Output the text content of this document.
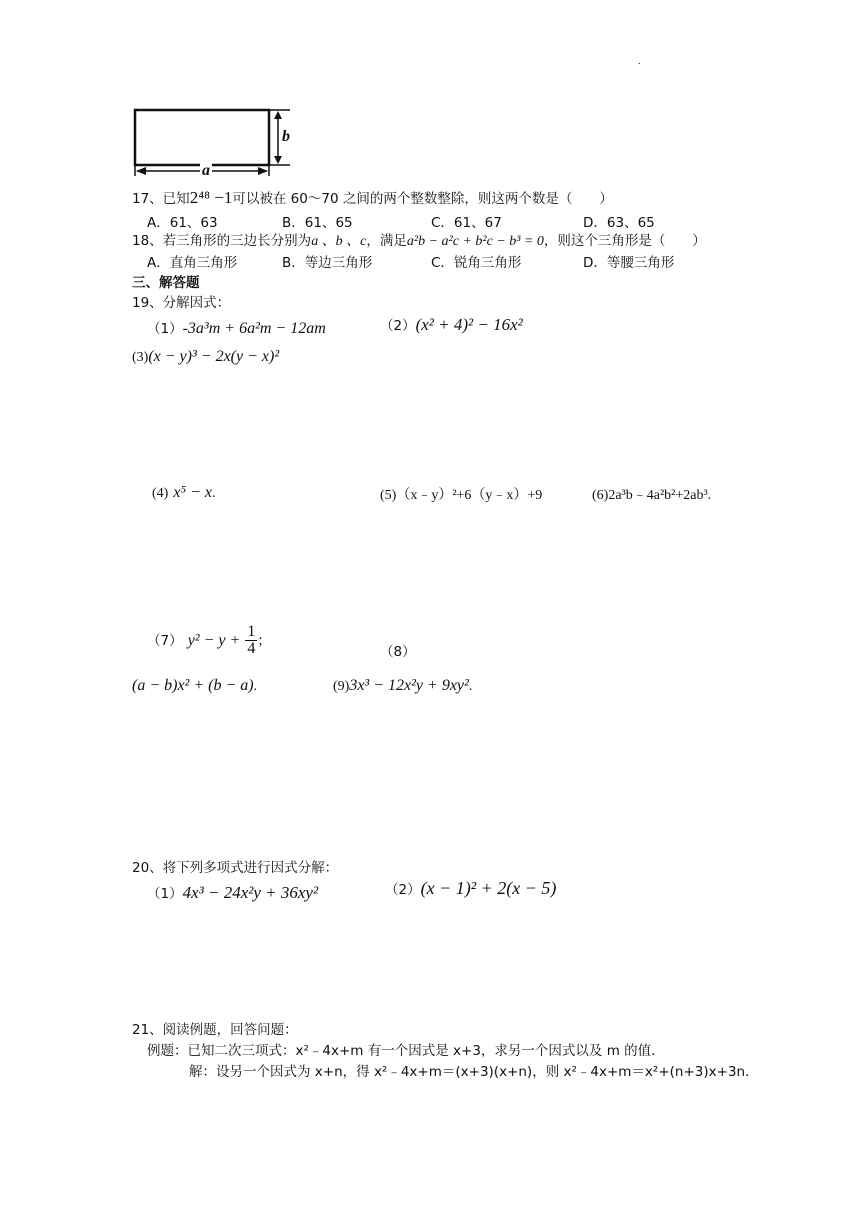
.
b
a
17、已知2⁴⁸ −1可以被在 60～70 之间的两个整数整除，则这两个数是（　　）
A．61、63	B．61、65	C．61、67	D．63、65
18、若三角形的三边长分别为a 、b 、c，满足a²b − a²c + b²c − b³ = 0，则这个三角形是（　　）
A．直角三角形	B．等边三角形	C．锐角三角形	D．等腰三角形
三、解答题
19、分解因式：
（1）-3a³m + 6a²m − 12am	（2）(x² + 4)² − 16x²
(3)(x − y)³ − 2x(y − x)²
(4) x⁵ − x.	(5)（x﹣y）²+6（y﹣x）+9	(6)2a³b﹣4a²b²+2ab³.
（7） $y^2 - y + \frac{1}{4}$ ；
（8）
(a − b)x² + (b − a).	(9)3x³ − 12x²y + 9xy².
20、将下列多项式进行因式分解：
（1）4x³ − 24x²y + 36xy²	（2）(x − 1)² + 2(x − 5)
21、阅读例题，回答问题：
例题：已知二次三项式：x²﹣4x+m 有一个因式是 x+3，求另一个因式以及 m 的值．
解：设另一个因式为 x+n，得 x²﹣4x+m＝(x+3)(x+n)，则 x²﹣4x+m＝x²+(n+3)x+3n．
